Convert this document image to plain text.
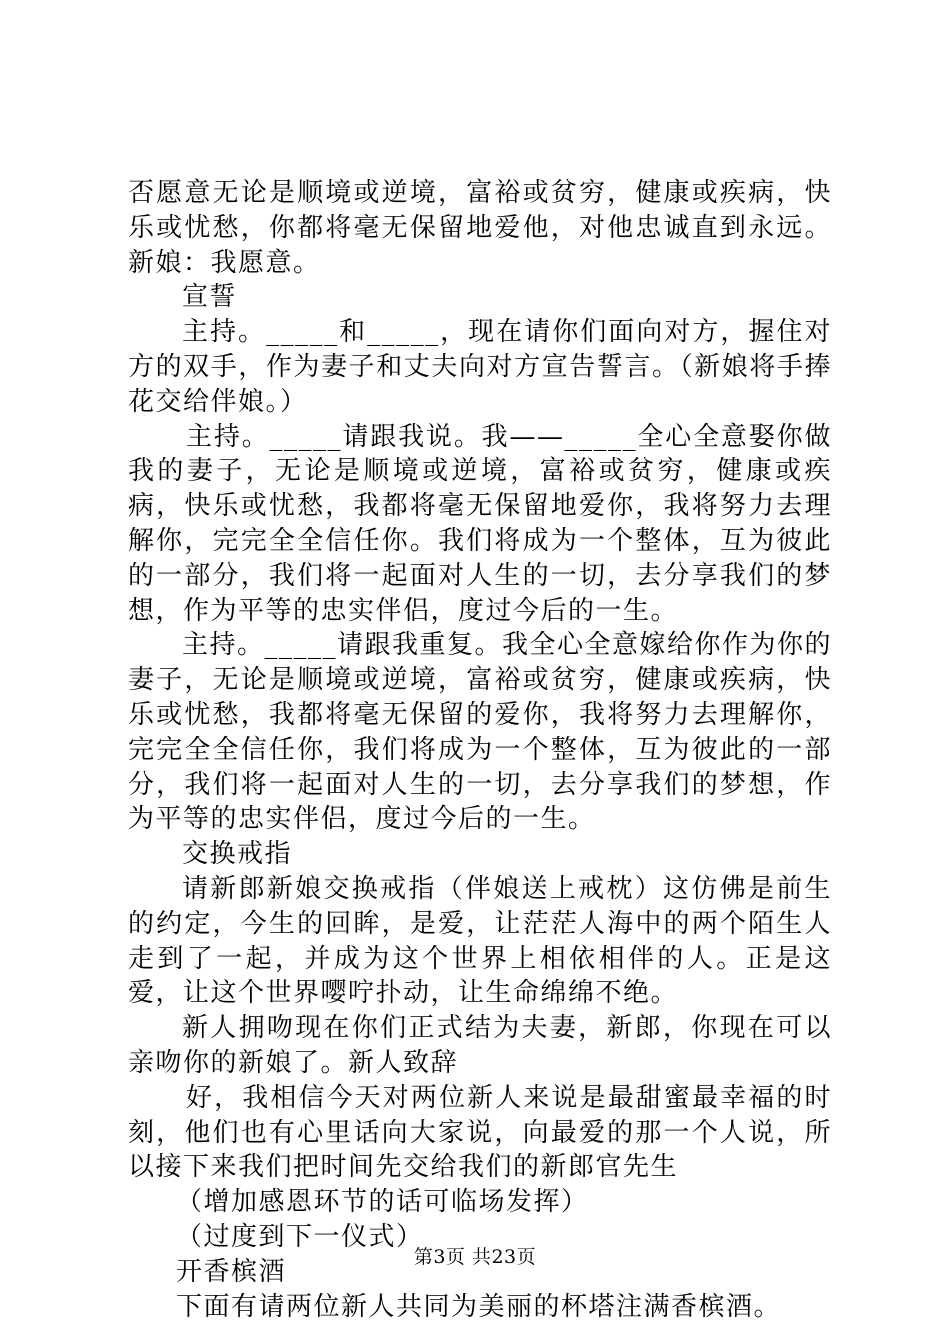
否愿意无论是顺境或逆境，富裕或贫穷，健康或疾病，快乐或忧愁，你都将毫无保留地爱他，对他忠诚直到永远。新娘：我愿意。

宣誓

主持。_____和_____，现在请你们面向对方，握住对方的双手，作为妻子和丈夫向对方宣告誓言。（新娘将手捧花交给伴娘。）

主持。_____请跟我说。我——_____全心全意娶你做我的妻子，无论是顺境或逆境，富裕或贫穷，健康或疾病，快乐或忧愁，我都将毫无保留地爱你，我将努力去理解你，完完全全信任你。我们将成为一个整体，互为彼此的一部分，我们将一起面对人生的一切，去分享我们的梦想，作为平等的忠实伴侣，度过今后的一生。

主持。_____请跟我重复。我全心全意嫁给你作为你的妻子，无论是顺境或逆境，富裕或贫穷，健康或疾病，快乐或忧愁，我都将毫无保留的爱你，我将努力去理解你，完完全全信任你，我们将成为一个整体，互为彼此的一部分，我们将一起面对人生的一切，去分享我们的梦想，作为平等的忠实伴侣，度过今后的一生。

交换戒指

请新郎新娘交换戒指（伴娘送上戒枕）这仿佛是前生的约定，今生的回眸，是爱，让茫茫人海中的两个陌生人走到了一起，并成为这个世界上相依相伴的人。正是这爱，让这个世界嘤咛扑动，让生命绵绵不绝。

新人拥吻现在你们正式结为夫妻，新郎，你现在可以亲吻你的新娘了。新人致辞

好，我相信今天对两位新人来说是最甜蜜最幸福的时刻，他们也有心里话向大家说，向最爱的那一个人说，所以接下来我们把时间先交给我们的新郎官先生

（增加感恩环节的话可临场发挥）

（过度到下一仪式）

开香槟酒

下面有请两位新人共同为美丽的杯塔注满香槟酒。

第3页 共23页
